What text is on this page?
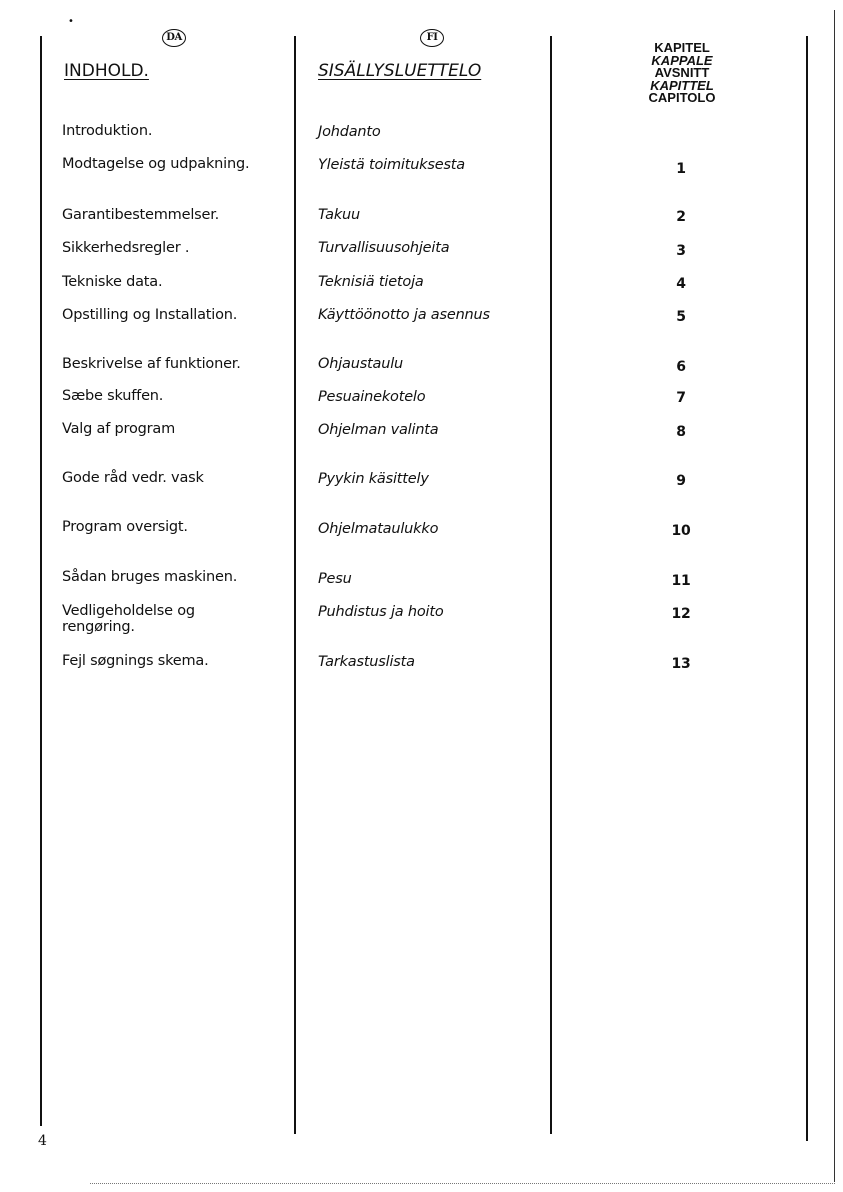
•
DA
INDHOLD.
Introduktion.
Modtagelse og udpakning.
Garantibestemmelser.
Sikkerhedsregler .
Tekniske data.
Opstilling og Installation.
Beskrivelse af funktioner.
Sæbe skuffen.
Valg af program
Gode råd vedr. vask
Program oversigt.
Sådan bruges maskinen.
Vedligeholdelse og
rengøring.
Fejl søgnings skema.
FI
SISÄLLYSLUETTELO
Johdanto
Yleistä toimituksesta
Takuu
Turvallisuusohjeita
Teknisiä tietoja
Käyttöönotto ja asennus
Ohjaustaulu
Pesuainekotelo
Ohjelman valinta
Pyykin käsittely
Ohjelmataulukko
Pesu
Puhdistus ja hoito
Tarkastuslista
KAPITEL
KAPPALE
AVSNITT
KAPITTEL
CAPITOLO
1
2
3
4
5
6
7
8
9
10
11
12
13
4
